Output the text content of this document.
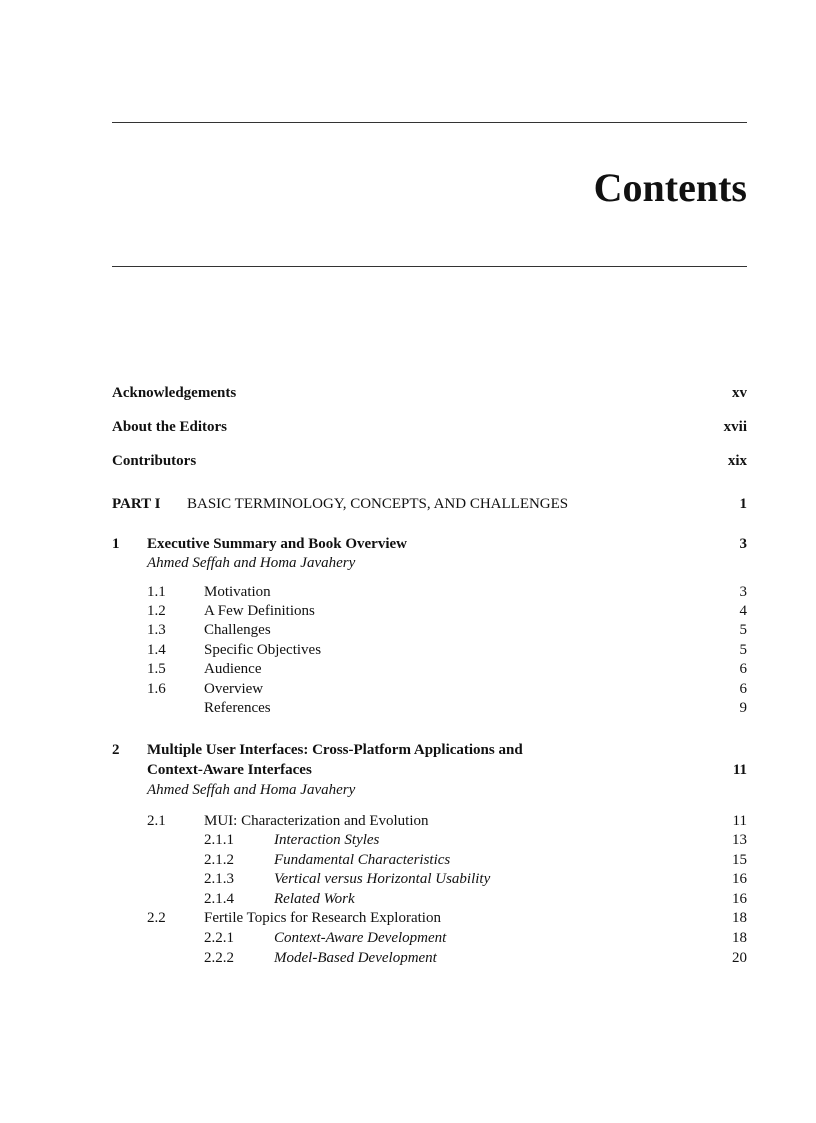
Contents
Acknowledgements	xv
About the Editors	xvii
Contributors	xix
PART I BASIC TERMINOLOGY, CONCEPTS, AND CHALLENGES	1
1 Executive Summary and Book Overview	3
Ahmed Seffah and Homa Javahery
1.1	Motivation	3
1.2	A Few Definitions	4
1.3	Challenges	5
1.4	Specific Objectives	5
1.5	Audience	6
1.6	Overview	6
References	9
2 Multiple User Interfaces: Cross-Platform Applications and
Context-Aware Interfaces	11
Ahmed Seffah and Homa Javahery
2.1	MUI: Characterization and Evolution	11
2.1.1	Interaction Styles	13
2.1.2	Fundamental Characteristics	15
2.1.3	Vertical versus Horizontal Usability	16
2.1.4	Related Work	16
2.2	Fertile Topics for Research Exploration	18
2.2.1	Context-Aware Development	18
2.2.2	Model-Based Development	20
